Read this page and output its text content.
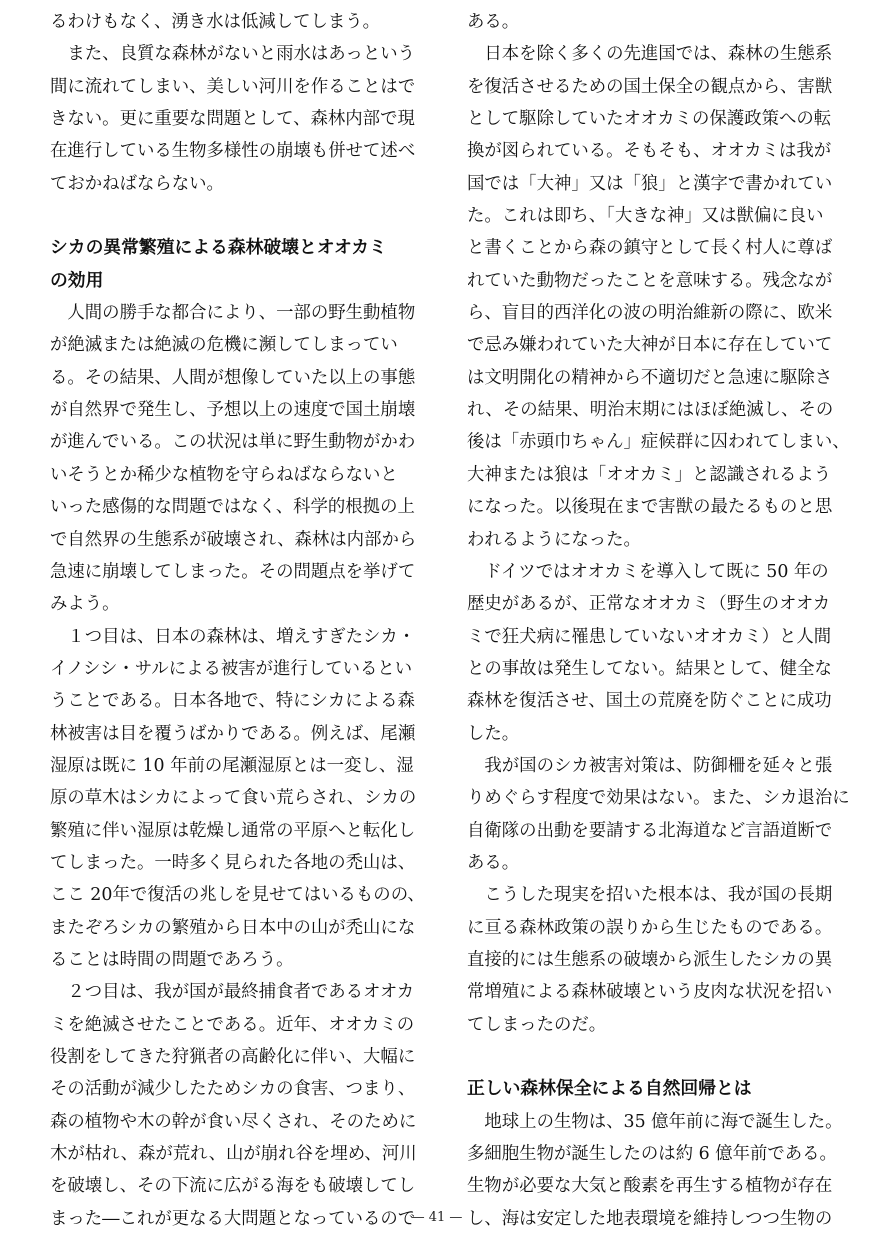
るわけもなく、湧き水は低減してしまう。
　また、良質な森林がないと雨水はあっという
間に流れてしまい、美しい河川を作ることはで
きない。更に重要な問題として、森林内部で現
在進行している生物多様性の崩壊も併せて述べ
ておかねばならない。
シカの異常繁殖による森林破壊とオオカミ
の効用
　人間の勝手な都合により、一部の野生動植物
が絶滅または絶滅の危機に瀕してしまってい
る。その結果、人間が想像していた以上の事態
が自然界で発生し、予想以上の速度で国土崩壊
が進んでいる。この状況は単に野生動物がかわ
いそうとか稀少な植物を守らねばならないと
いった感傷的な問題ではなく、科学的根拠の上
で自然界の生態系が破壊され、森林は内部から
急速に崩壊してしまった。その問題点を挙げて
みよう。
　１つ目は、日本の森林は、増えすぎたシカ・
イノシシ・サルによる被害が進行しているとい
うことである。日本各地で、特にシカによる森
林被害は目を覆うばかりである。例えば、尾瀬
湿原は既に 10 年前の尾瀬湿原とは一変し、湿
原の草木はシカによって食い荒らされ、シカの
繁殖に伴い湿原は乾燥し通常の平原へと転化し
てしまった。一時多く見られた各地の禿山は、
ここ 20年で復活の兆しを見せてはいるものの、
またぞろシカの繁殖から日本中の山が禿山にな
ることは時間の問題であろう。
　２つ目は、我が国が最終捕食者であるオオカ
ミを絶滅させたことである。近年、オオカミの
役割をしてきた狩猟者の高齢化に伴い、大幅に
その活動が減少したためシカの食害、つまり、
森の植物や木の幹が食い尽くされ、そのために
木が枯れ、森が荒れ、山が崩れ谷を埋め、河川
を破壊し、その下流に広がる海をも破壊してし
まった―これが更なる大問題となっているので
ある。
　日本を除く多くの先進国では、森林の生態系
を復活させるための国土保全の観点から、害獣
として駆除していたオオカミの保護政策への転
換が図られている。そもそも、オオカミは我が
国では「大神」又は「狼」と漢字で書かれてい
た。これは即ち、「大きな神」又は獣偏に良い
と書くことから森の鎮守として長く村人に尊ば
れていた動物だったことを意味する。残念なが
ら、盲目的西洋化の波の明治維新の際に、欧米
で忌み嫌われていた大神が日本に存在していて
は文明開化の精神から不適切だと急速に駆除さ
れ、その結果、明治末期にはほぼ絶滅し、その
後は「赤頭巾ちゃん」症候群に囚われてしまい、
大神または狼は「オオカミ」と認識されるよう
になった。以後現在まで害獣の最たるものと思
われるようになった。
　ドイツではオオカミを導入して既に 50 年の
歴史があるが、正常なオオカミ（野生のオオカ
ミで狂犬病に罹患していないオオカミ）と人間
との事故は発生してない。結果として、健全な
森林を復活させ、国土の荒廃を防ぐことに成功
した。
　我が国のシカ被害対策は、防御柵を延々と張
りめぐらす程度で効果はない。また、シカ退治に
自衛隊の出動を要請する北海道など言語道断で
ある。
　こうした現実を招いた根本は、我が国の長期
に亘る森林政策の誤りから生じたものである。
直接的には生態系の破壊から派生したシカの異
常増殖による森林破壊という皮肉な状況を招い
てしまったのだ。
正しい森林保全による自然回帰とは
　地球上の生物は、35 億年前に海で誕生した。
多細胞生物が誕生したのは約 6 億年前である。
生物が必要な大気と酸素を再生する植物が存在
し、海は安定した地表環境を維持しつつ生物の
— 41 —
